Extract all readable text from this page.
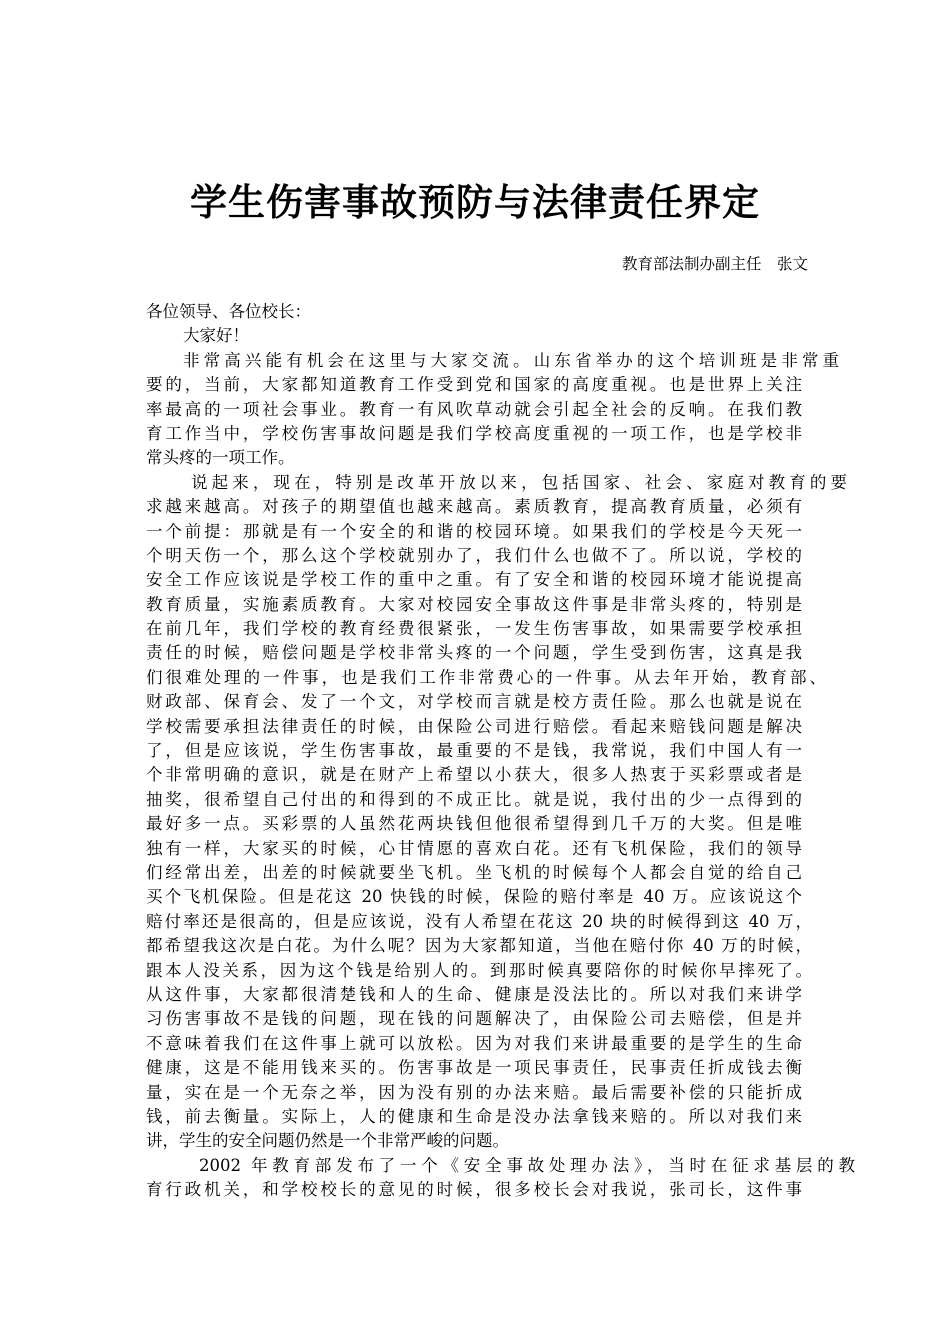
学生伤害事故预防与法律责任界定
教育部法制办副主任　张文
各位领导、各位校长：
大家好！
非常高兴能有机会在这里与大家交流。山东省举办的这个培训班是非常重
要的，当前，大家都知道教育工作受到党和国家的高度重视。也是世界上关注
率最高的一项社会事业。教育一有风吹草动就会引起全社会的反响。在我们教
育工作当中，学校伤害事故问题是我们学校高度重视的一项工作，也是学校非
常头疼的一项工作。
说起来，现在，特别是改革开放以来，包括国家、社会、家庭对教育的要
求越来越高。对孩子的期望值也越来越高。素质教育，提高教育质量，必须有
一个前提：那就是有一个安全的和谐的校园环境。如果我们的学校是今天死一
个明天伤一个，那么这个学校就别办了，我们什么也做不了。所以说，学校的
安全工作应该说是学校工作的重中之重。有了安全和谐的校园环境才能说提高
教育质量，实施素质教育。大家对校园安全事故这件事是非常头疼的，特别是
在前几年，我们学校的教育经费很紧张，一发生伤害事故，如果需要学校承担
责任的时候，赔偿问题是学校非常头疼的一个问题，学生受到伤害，这真是我
们很难处理的一件事，也是我们工作非常费心的一件事。从去年开始，教育部、
财政部、保育会、发了一个文，对学校而言就是校方责任险。那么也就是说在
学校需要承担法律责任的时候，由保险公司进行赔偿。看起来赔钱问题是解决
了，但是应该说，学生伤害事故，最重要的不是钱，我常说，我们中国人有一
个非常明确的意识，就是在财产上希望以小获大，很多人热衷于买彩票或者是
抽奖，很希望自己付出的和得到的不成正比。就是说，我付出的少一点得到的
最好多一点。买彩票的人虽然花两块钱但他很希望得到几千万的大奖。但是唯
独有一样，大家买的时候，心甘情愿的喜欢白花。还有飞机保险，我们的领导
们经常出差，出差的时候就要坐飞机。坐飞机的时候每个人都会自觉的给自己
买个飞机保险。但是花这 20 快钱的时候，保险的赔付率是 40 万。应该说这个
赔付率还是很高的，但是应该说，没有人希望在花这 20 块的时候得到这 40 万，
都希望我这次是白花。为什么呢？因为大家都知道，当他在赔付你 40 万的时候，
跟本人没关系，因为这个钱是给别人的。到那时候真要陪你的时候你早摔死了。
从这件事，大家都很清楚钱和人的生命、健康是没法比的。所以对我们来讲学
习伤害事故不是钱的问题，现在钱的问题解决了，由保险公司去赔偿，但是并
不意味着我们在这件事上就可以放松。因为对我们来讲最重要的是学生的生命
健康，这是不能用钱来买的。伤害事故是一项民事责任，民事责任折成钱去衡
量，实在是一个无奈之举，因为没有别的办法来赔。最后需要补偿的只能折成
钱，前去衡量。实际上，人的健康和生命是没办法拿钱来赔的。所以对我们来
讲，学生的安全问题仍然是一个非常严峻的问题。
2002 年教育部发布了一个《安全事故处理办法》，当时在征求基层的教
育行政机关，和学校校长的意见的时候，很多校长会对我说，张司长，这件事
